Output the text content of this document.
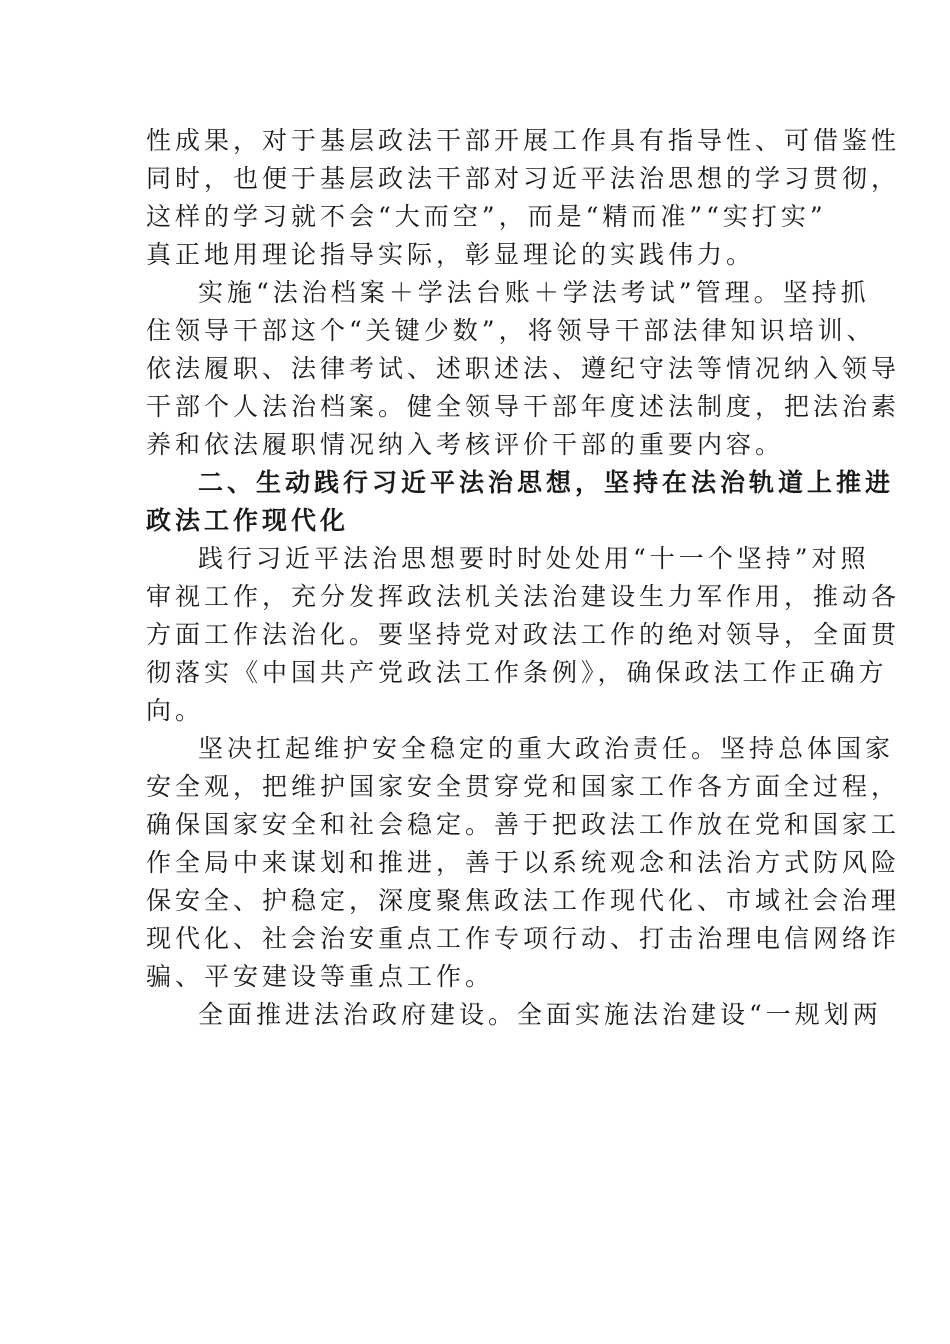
性成果，对于基层政法干部开展工作具有指导性、可借鉴性
同时，也便于基层政法干部对习近平法治思想的学习贯彻，
这样的学习就不会“大而空”，而是“精而准”“实打实”
真正地用理论指导实际，彰显理论的实践伟力。
实施“法治档案＋学法台账＋学法考试”管理。坚持抓
住领导干部这个“关键少数”，将领导干部法律知识培训、
依法履职、法律考试、述职述法、遵纪守法等情况纳入领导
干部个人法治档案。健全领导干部年度述法制度，把法治素
养和依法履职情况纳入考核评价干部的重要内容。
二、生动践行习近平法治思想，坚持在法治轨道上推进
政法工作现代化
践行习近平法治思想要时时处处用“十一个坚持”对照
审视工作，充分发挥政法机关法治建设生力军作用，推动各
方面工作法治化。要坚持党对政法工作的绝对领导，全面贯
彻落实《中国共产党政法工作条例》，确保政法工作正确方
向。
坚决扛起维护安全稳定的重大政治责任。坚持总体国家
安全观，把维护国家安全贯穿党和国家工作各方面全过程，
确保国家安全和社会稳定。善于把政法工作放在党和国家工
作全局中来谋划和推进，善于以系统观念和法治方式防风险
保安全、护稳定，深度聚焦政法工作现代化、市域社会治理
现代化、社会治安重点工作专项行动、打击治理电信网络诈
骗、平安建设等重点工作。
全面推进法治政府建设。全面实施法治建设“一规划两
